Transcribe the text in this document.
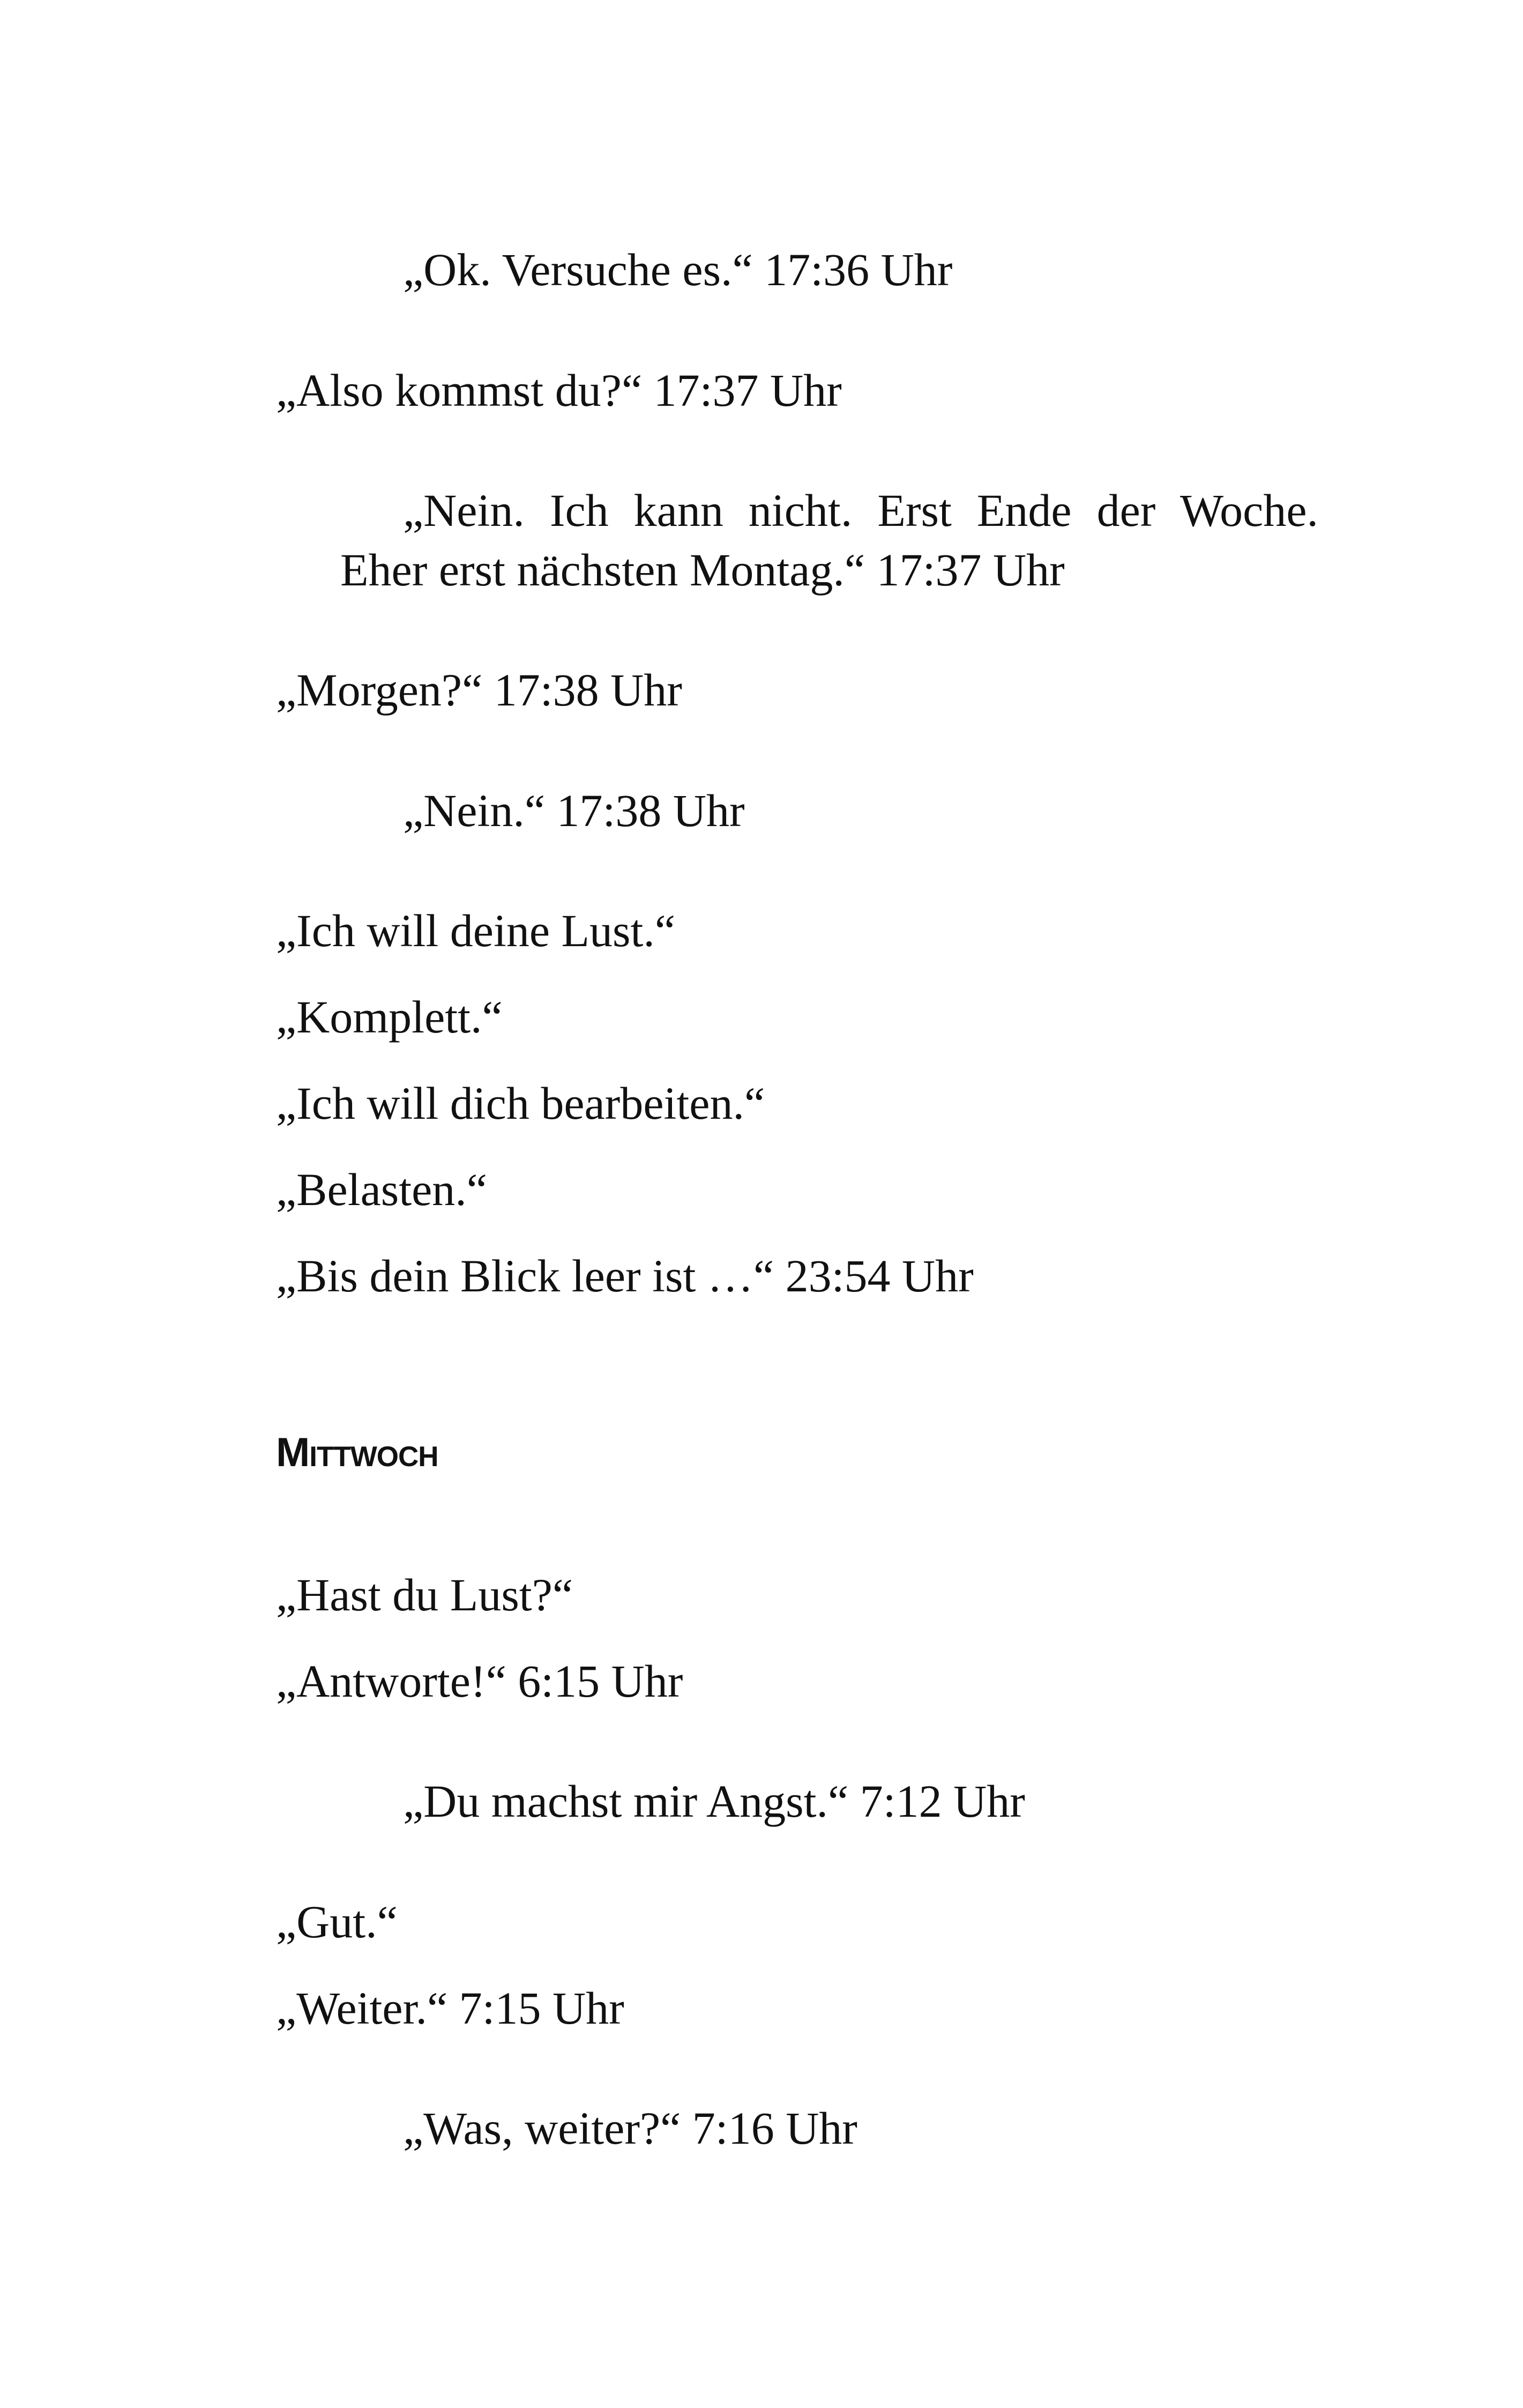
„Ok. Versuche es.“ 17:36 Uhr

„Also kommst du?“ 17:37 Uhr

„Nein. Ich kann nicht. Erst Ende der Woche.

Eher erst nächsten Montag.“ 17:37 Uhr

„Morgen?“ 17:38 Uhr

„Nein.“ 17:38 Uhr

„Ich will deine Lust.“

„Komplett.“

„Ich will dich bearbeiten.“

„Belasten.“

„Bis dein Blick leer ist …“ 23:54 Uhr

Mittwoch

„Hast du Lust?“

„Antworte!“ 6:15 Uhr

„Du machst mir Angst.“ 7:12 Uhr

„Gut.“

„Weiter.“ 7:15 Uhr

„Was, weiter?“ 7:16 Uhr
